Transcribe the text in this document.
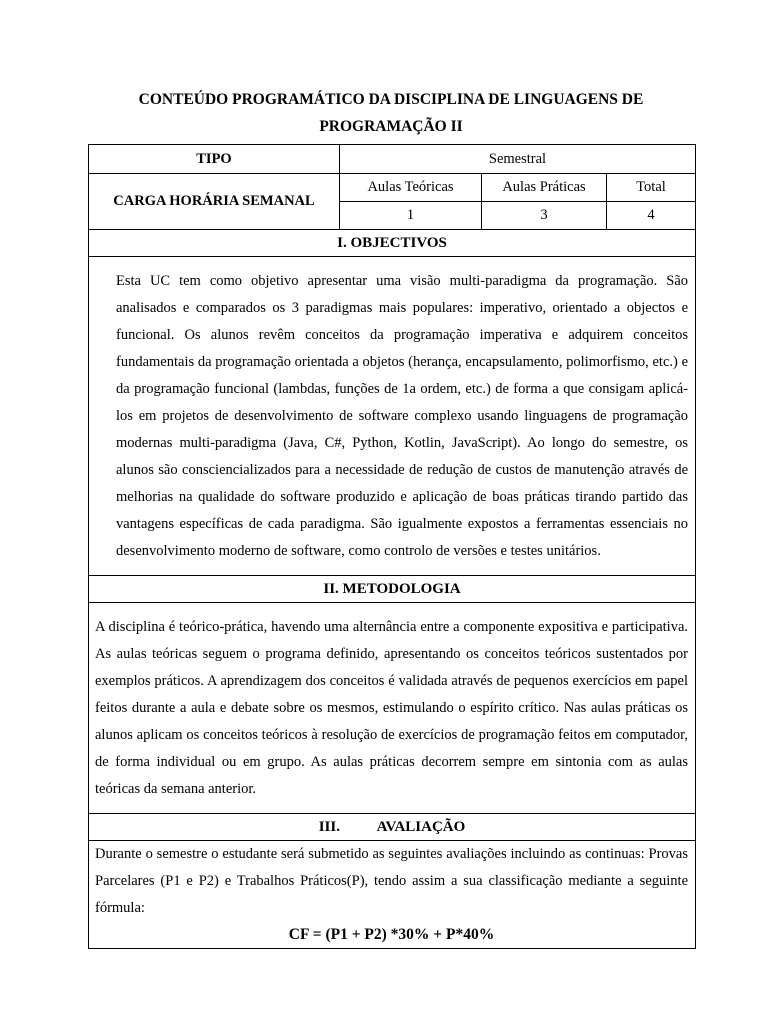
CONTEÚDO PROGRAMÁTICO DA DISCIPLINA DE LINGUAGENS DE
PROGRAMAÇÃO II
TIPO	Semestral		
CARGA HORÁRIA SEMANAL	Aulas Teóricas	Aulas Práticas	Total
	1	3	4
I. OBJECTIVOS			

Esta UC tem como objetivo apresentar uma visão multi-paradigma da programação. São analisados e comparados os 3 paradigmas mais populares: imperativo, orientado a objectos e funcional. Os alunos revêm conceitos da programação imperativa e adquirem conceitos fundamentais da programação orientada a objetos (herança, encapsulamento, polimorfismo, etc.) e da programação funcional (lambdas, funções de 1a ordem, etc.) de forma a que consigam aplicá-los em projetos de desenvolvimento de software complexo usando linguagens de programação modernas multi-paradigma (Java, C#, Python, Kotlin, JavaScript). Ao longo do semestre, os alunos são consciencializados para a necessidade de redução de custos de manutenção através de melhorias na qualidade do software produzido e aplicação de boas práticas tirando partido das vantagens específicas de cada paradigma. São igualmente expostos a ferramentas essenciais no desenvolvimento moderno de software, como controlo de versões e testes unitários.			

II. METODOLOGIA			

A disciplina é teórico-prática, havendo uma alternância entre a componente expositiva e participativa. As aulas teóricas seguem o programa definido, apresentando os conceitos teóricos sustentados por exemplos práticos. A aprendizagem dos conceitos é validada através de pequenos exercícios em papel feitos durante a aula e debate sobre os mesmos, estimulando o espírito crítico. Nas aulas práticas os alunos aplicam os conceitos teóricos à resolução de exercícios de programação feitos em computador, de forma individual ou em grupo. As aulas práticas decorrem sempre em sintonia com as aulas teóricas da semana anterior.			

III.          AVALIAÇÃO			

Durante o semestre o estudante será submetido as seguintes avaliações incluindo as continuas: Provas Parcelares (P1 e P2) e Trabalhos Práticos(P), tendo assim a sua classificação mediante a seguinte fórmula:
CF = (P1 + P2) *30% + P*40%			
